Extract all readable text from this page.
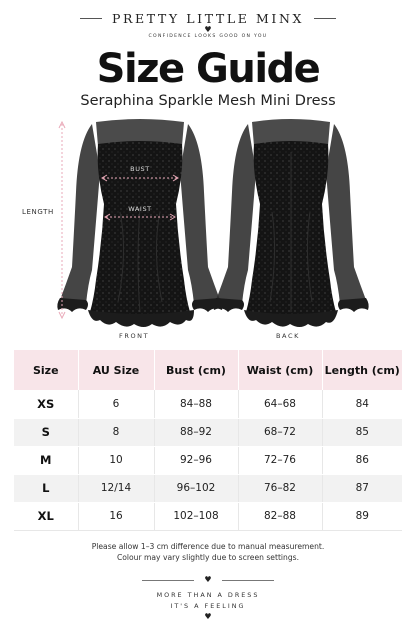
PRETTY LITTLE MINX
♥
CONFIDENCE LOOKS GOOD ON YOU
Size Guide
Seraphina Sparkle Mesh Mini Dress
LENGTH
BUST
WAIST
FRONT	BACK
Size	AU Size	Bust (cm)	Waist (cm)	Length (cm)
XS	6	84–88	64–68	84
S	8	88–92	68–72	85
M	10	92–96	72–76	86
L	12/14	96–102	76–82	87
XL	16	102–108	82–88	89
Please allow 1–3 cm difference due to manual measurement.
Colour may vary slightly due to screen settings.
♥
MORE THAN A DRESS
IT'S A FEELING
♥
